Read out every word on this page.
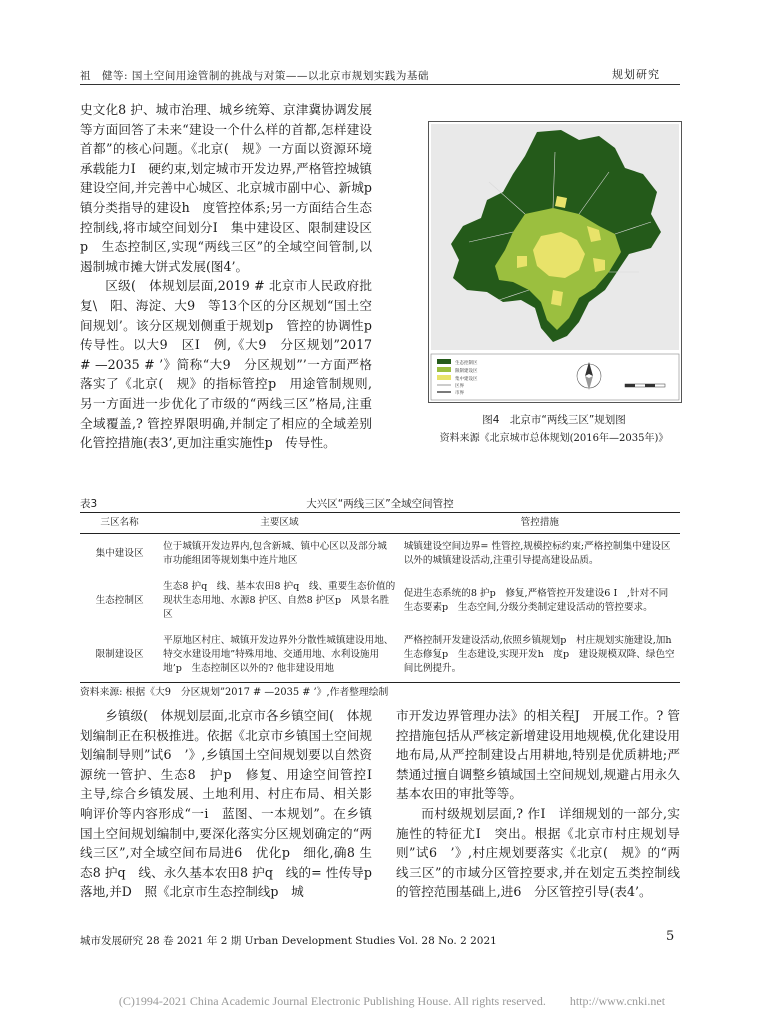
祖　健等: 国土空间用途管制的挑战与对策——以北京市规划实践为基础	规划研究

史文化8 护、城市治理、城乡统筹、京津冀协调发展等方面回答了未来“建设一个什么样的首都,怎样建设首都”的核心问题。《北京(　规》一方面以资源环境承载能力I　硬约束,划定城市开发边界,严格管控城镇建设空间,并完善中心城区、北京城市副中心、新城p　镇分类指导的建设h　度管控体系;另一方面结合生态控制线,将市域空间划分I　集中建设区、限制建设区p　生态控制区,实现“两线三区”的全域空间管制,以遏制城市摊大饼式发展(图4’。

区级(　体规划层面,2019 # 北京市人民政府批复\　阳、海淀、大9　等13个区的分区规划“国土空间规划’。该分区规划侧重于规划p　管控的协调性p　传导性。以大9　区I　例,《大9　分区规划”2017 # —2035 # ’》简称“大9　分区规划”’一方面严格落实了《北京(　规》的指标管控p　用途管制规则,另一方面进一步优化了市级的“两线三区”格局,注重全域覆盖,? 管控界限明确,并制定了相应的全域差别化管控措施(表3’,更加注重实施性p　传导性。

生态控制区
限制建设区
集中建设区
区界
市界
图4　北京市“两线三区”规划图
资料来源《北京城市总体规划(2016年—2035年)》
表3	大兴区“两线三区”全域空间管控
三区名称	主要区域	管控措施
集中建设区	位于城镇开发边界内,包含新城、镇中心区以及部分城市功能组团等规划集中连片地区	城镇建设空间边界= 性管控,规模控标约束;严格控制集中建设区以外的城镇建设活动,注重引导提高建设品质。
生态控制区	生态8 护q　线、基本农田8 护q　线、重要生态价值的现状生态用地、水源8 护区、自然8 护区p　风景名胜区	促进生态系统的8 护p　修复,严格管控开发建设6 I　,针对不同生态要素p　生态空间,分级分类制定建设活动的管控要求。
限制建设区	平原地区村庄、城镇开发边界外分散性城镇建设用地、特交水建设用地”特殊用地、交通用地、水利设施用地’p　生态控制区以外的? 他非建设用地	严格控制开发建设活动,依照乡镇规划p　村庄规划实施建设,加h生态修复p　生态建设,实现开发h　度p　建设规模双降、绿色空间比例提升。
资料来源: 根据《大9　分区规划”2017 # —2035 # ’》,作者整理绘制

乡镇级(　体规划层面,北京市各乡镇空间(　体规划编制正在积极推进。依据《北京市乡镇国土空间规划编制导则”试6　’》,乡镇国土空间规划要以自然资源统一管护、生态8　护p　修复、用途空间管控I　主导,综合乡镇发展、土地利用、村庄布局、相关影响评价等内容形成“一i　蓝图、一本规划”。在乡镇国土空间规划编制中,要深化落实分区规划确定的“两线三区”,对全域空间布局进6　优化p　细化,确8 生态8 护q　线、永久基本农田8 护q　线的= 性传导p　落地,并D　照《北京市生态控制线p　城

市开发边界管理办法》的相关程J　开展工作。? 管控措施包括从严核定新增建设用地规模,优化建设用地布局,从严控制建设占用耕地,特别是优质耕地;严禁通过擅自调整乡镇域国土空间规划,规避占用永久基本农田的审批等等。

而村级规划层面,? 作I　详细规划的一部分,实施性的特征尤I　突出。根据《北京市村庄规划导则”试6　’》,村庄规划要落实《北京(　规》的“两线三区”的市域分区管控要求,并在划定五类控制线的管控范围基础上,进6　分区管控引导(表4’。

城市发展研究 28 卷 2021 年 2 期 Urban Development Studies Vol. 28 No. 2 2021	5
(C)1994-2021 China Academic Journal Electronic Publishing House. All rights reserved.　　http://www.cnki.net
